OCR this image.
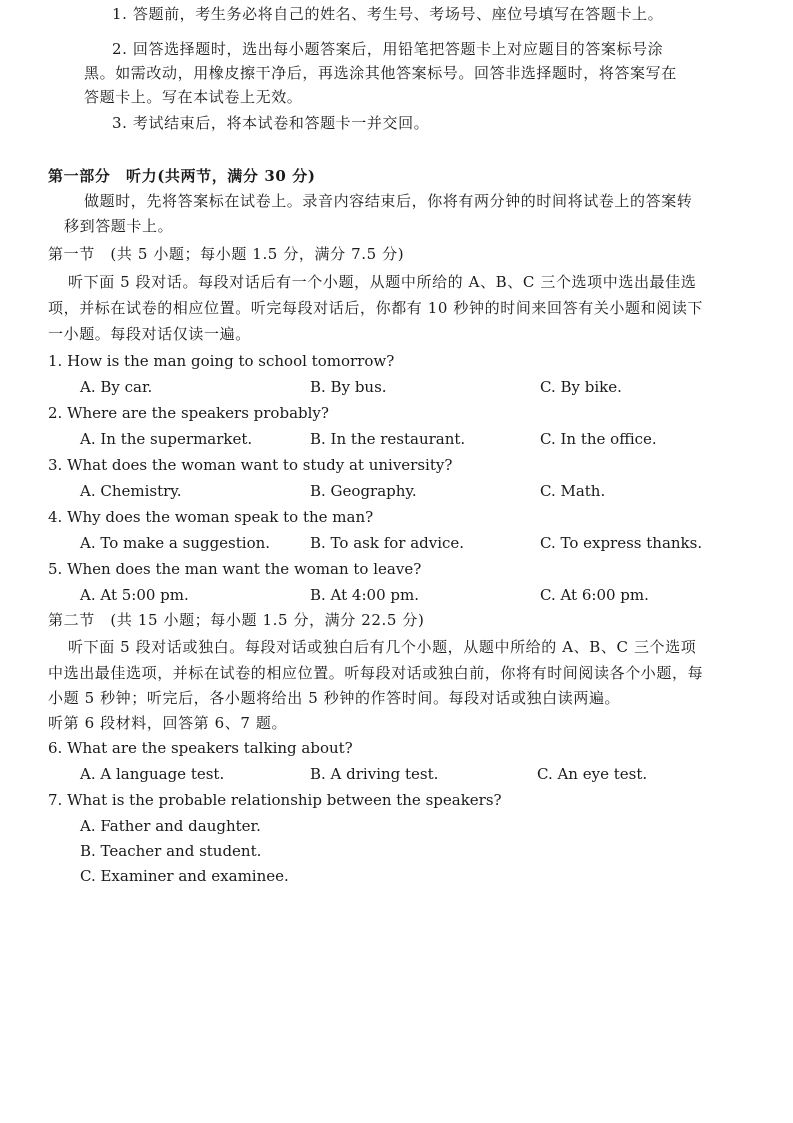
1. 答题前，考生务必将自己的姓名、考生号、考场号、座位号填写在答题卡上。
2. 回答选择题时，选出每小题答案后，用铅笔把答题卡上对应题目的答案标号涂
黑。如需改动，用橡皮擦干净后，再选涂其他答案标号。回答非选择题时，将答案写在
答题卡上。写在本试卷上无效。
3. 考试结束后，将本试卷和答题卡一并交回。
第一部分　听力(共两节，满分 30 分)
做题时，先将答案标在试卷上。录音内容结束后，你将有两分钟的时间将试卷上的答案转
移到答题卡上。
第一节　(共 5 小题；每小题 1.5 分，满分 7.5 分)
听下面 5 段对话。每段对话后有一个小题，从题中所给的 A、B、C 三个选项中选出最佳选
项，并标在试卷的相应位置。听完每段对话后，你都有 10 秒钟的时间来回答有关小题和阅读下
一小题。每段对话仅读一遍。
1. How is the man going to school tomorrow?
A. By car.	B. By bus.	C. By bike.
2. Where are the speakers probably?
A. In the supermarket.	B. In the restaurant.	C. In the office.
3. What does the woman want to study at university?
A. Chemistry.	B. Geography.	C. Math.
4. Why does the woman speak to the man?
A. To make a suggestion.	B. To ask for advice.	C. To express thanks.
5. When does the man want the woman to leave?
A. At 5:00 pm.	B. At 4:00 pm.	C. At 6:00 pm.
第二节　(共 15 小题；每小题 1.5 分，满分 22.5 分)
听下面 5 段对话或独白。每段对话或独白后有几个小题，从题中所给的 A、B、C 三个选项
中选出最佳选项，并标在试卷的相应位置。听每段对话或独白前，你将有时间阅读各个小题，每
小题 5 秒钟；听完后，各小题将给出 5 秒钟的作答时间。每段对话或独白读两遍。
听第 6 段材料，回答第 6、7 题。
6. What are the speakers talking about?
A. A language test.	B. A driving test.	C. An eye test.
7. What is the probable relationship between the speakers?
A. Father and daughter.
B. Teacher and student.
C. Examiner and examinee.
